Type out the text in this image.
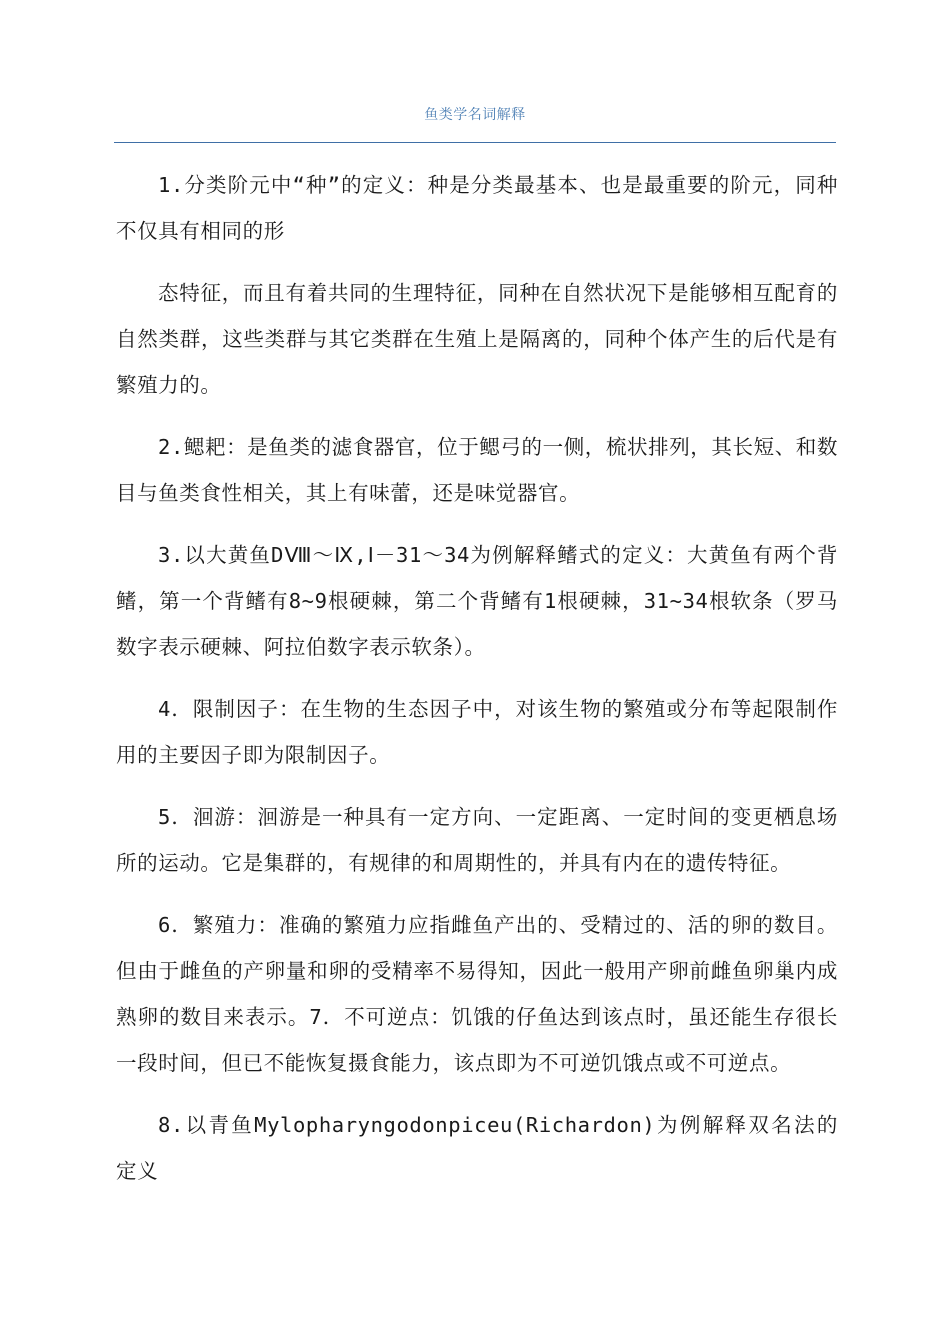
鱼类学名词解释

1.分类阶元中“种”的定义：种是分类最基本、也是最重要的阶元，同种不仅具有相同的形

态特征，而且有着共同的生理特征，同种在自然状况下是能够相互配育的自然类群，这些类群与其它类群在生殖上是隔离的，同种个体产生的后代是有繁殖力的。

2.鳃耙：是鱼类的滤食器官，位于鳃弓的一侧，梳状排列，其长短、和数目与鱼类食性相关，其上有味蕾，还是味觉器官。

3.以大黄鱼DⅧ～Ⅸ,Ⅰ－31～34为例解释鳍式的定义：大黄鱼有两个背鳍，第一个背鳍有8~9根硬棘，第二个背鳍有1根硬棘，31~34根软条（罗马数字表示硬棘、阿拉伯数字表示软条）。

4．限制因子：在生物的生态因子中，对该生物的繁殖或分布等起限制作用的主要因子即为限制因子。

5．洄游：洄游是一种具有一定方向、一定距离、一定时间的变更栖息场所的运动。它是集群的，有规律的和周期性的，并具有内在的遗传特征。

6．繁殖力：准确的繁殖力应指雌鱼产出的、受精过的、活的卵的数目。但由于雌鱼的产卵量和卵的受精率不易得知，因此一般用产卵前雌鱼卵巢内成熟卵的数目来表示。7．不可逆点：饥饿的仔鱼达到该点时，虽还能生存很长一段时间，但已不能恢复摄食能力，该点即为不可逆饥饿点或不可逆点。

8.以青鱼Mylopharyngodonpiceu(Richardon)为例解释双名法的定义
